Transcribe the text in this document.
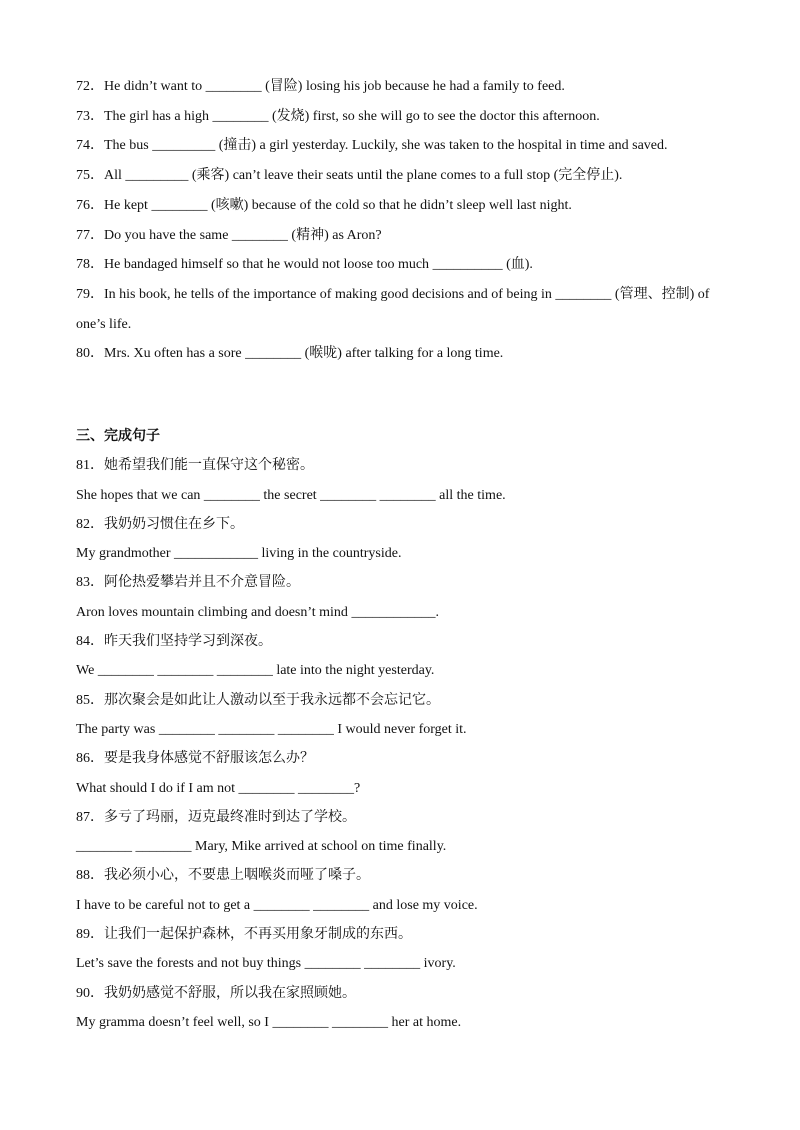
72．He didn’t want to ________ (冒险) losing his job because he had a family to feed.
73．The girl has a high ________ (发烧) first, so she will go to see the doctor this afternoon.
74．The bus _________ (撞击) a girl yesterday. Luckily, she was taken to the hospital in time and saved.
75．All _________ (乘客) can’t leave their seats until the plane comes to a full stop (完全停止).
76．He kept ________ (咳嗽) because of the cold so that he didn’t sleep well last night.
77．Do you have the same ________ (精神) as Aron?
78．He bandaged himself so that he would not loose too much __________ (血).
79．In his book, he tells of the importance of making good decisions and of being in ________ (管理、控制) of
one’s life.
80．Mrs. Xu often has a sore ________ (喉咙) after talking for a long time.
三、完成句子
81．她希望我们能一直保守这个秘密。
She hopes that we can ________ the secret ________ ________ all the time.
82．我奶奶习惯住在乡下。
My grandmother ____________ living in the countryside.
83．阿伦热爱攀岩并且不介意冒险。
Aron loves mountain climbing and doesn’t mind ____________.
84．昨天我们坚持学习到深夜。
We ________ ________ ________ late into the night yesterday.
85．那次聚会是如此让人激动以至于我永远都不会忘记它。
The party was ________ ________ ________ I would never forget it.
86．要是我身体感觉不舒服该怎么办？
What should I do if I am not ________ ________?
87．多亏了玛丽，迈克最终准时到达了学校。
________ ________ Mary, Mike arrived at school on time finally.
88．我必须小心，不要患上咽喉炎而哑了嗓子。
I have to be careful not to get a ________ ________ and lose my voice.
89．让我们一起保护森林，不再买用象牙制成的东西。
Let’s save the forests and not buy things ________ ________ ivory.
90．我奶奶感觉不舒服，所以我在家照顾她。
My gramma doesn’t feel well, so I ________ ________ her at home.
